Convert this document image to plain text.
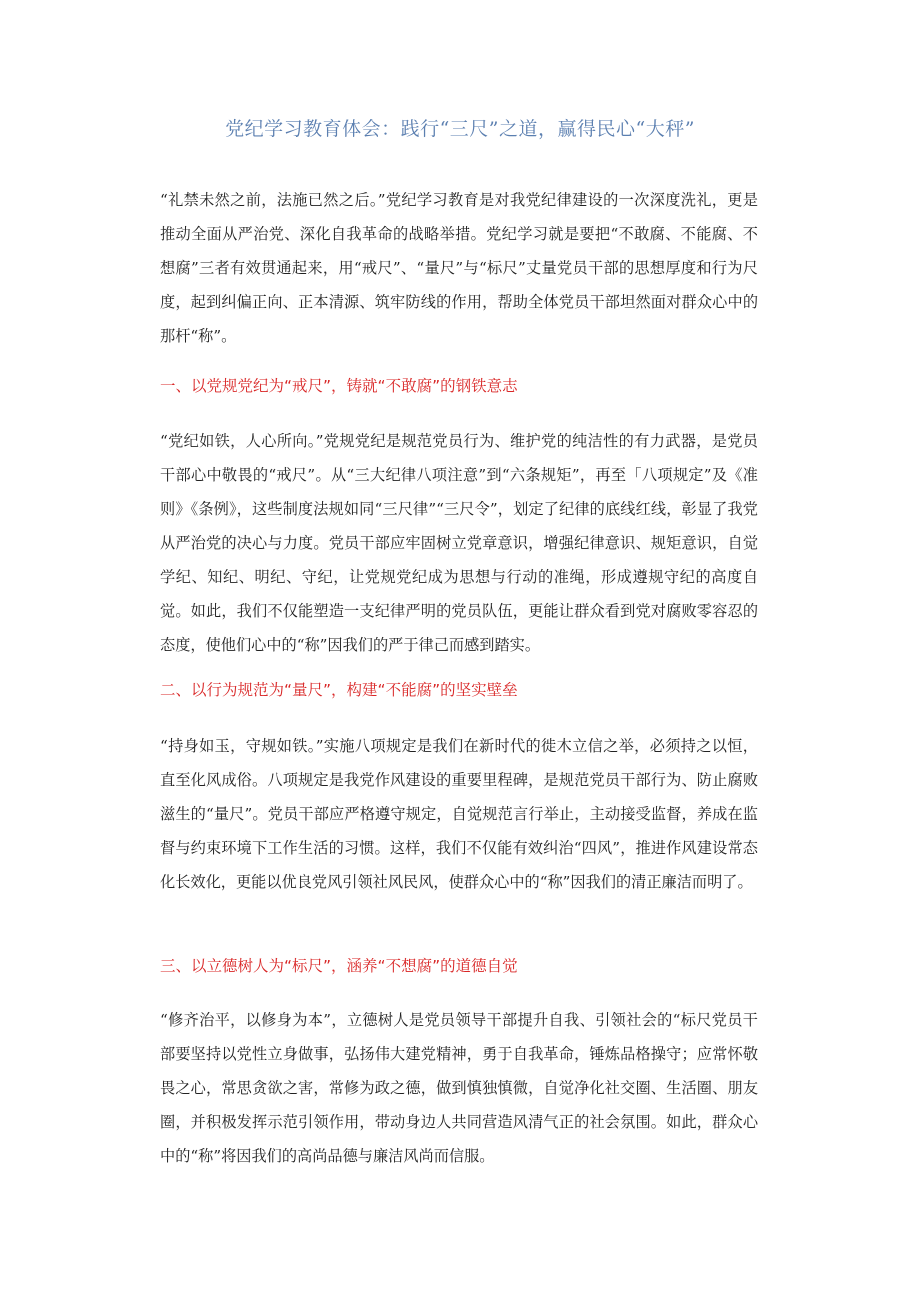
党纪学习教育体会：践行“三尺”之道，赢得民心“大秤”

“礼禁未然之前，法施已然之后。”党纪学习教育是对我党纪律建设的一次深度洗礼，更是推动全面从严治党、深化自我革命的战略举措。党纪学习就是要把“不敢腐、不能腐、不想腐”三者有效贯通起来，用“戒尺”、“量尺”与“标尺”丈量党员干部的思想厚度和行为尺度，起到纠偏正向、正本清源、筑牢防线的作用，帮助全体党员干部坦然面对群众心中的那杆“称”。

一、以党规党纪为“戒尺”，铸就“不敢腐”的钢铁意志

“党纪如铁，人心所向。”党规党纪是规范党员行为、维护党的纯洁性的有力武器，是党员干部心中敬畏的“戒尺”。从“三大纪律八项注意”到“六条规矩”，再至「八项规定”及《准则》《条例》，这些制度法规如同“三尺律”“三尺令”，划定了纪律的底线红线，彰显了我党从严治党的决心与力度。党员干部应牢固树立党章意识，增强纪律意识、规矩意识，自觉学纪、知纪、明纪、守纪，让党规党纪成为思想与行动的准绳，形成遵规守纪的高度自觉。如此，我们不仅能塑造一支纪律严明的党员队伍，更能让群众看到党对腐败零容忍的态度，使他们心中的“称”因我们的严于律己而感到踏实。

二、以行为规范为“量尺”，构建“不能腐”的坚实壁垒

“持身如玉，守规如铁。”实施八项规定是我们在新时代的徙木立信之举，必须持之以恒，直至化风成俗。八项规定是我党作风建设的重要里程碑，是规范党员干部行为、防止腐败滋生的“量尺”。党员干部应严格遵守规定，自觉规范言行举止，主动接受监督，养成在监督与约束环境下工作生活的习惯。这样，我们不仅能有效纠治“四风”，推进作风建设常态化长效化，更能以优良党风引领社风民风，使群众心中的“称”因我们的清正廉洁而明了。

三、以立德树人为“标尺”，涵养“不想腐”的道德自觉

“修齐治平，以修身为本”，立德树人是党员领导干部提升自我、引领社会的“标尺党员干部要坚持以党性立身做事，弘扬伟大建党精神，勇于自我革命，锤炼品格操守；应常怀敬畏之心，常思贪欲之害，常修为政之德，做到慎独慎微，自觉净化社交圈、生活圈、朋友圈，并积极发挥示范引领作用，带动身边人共同营造风清气正的社会氛围。如此，群众心中的“称”将因我们的高尚品德与廉洁风尚而信服。
